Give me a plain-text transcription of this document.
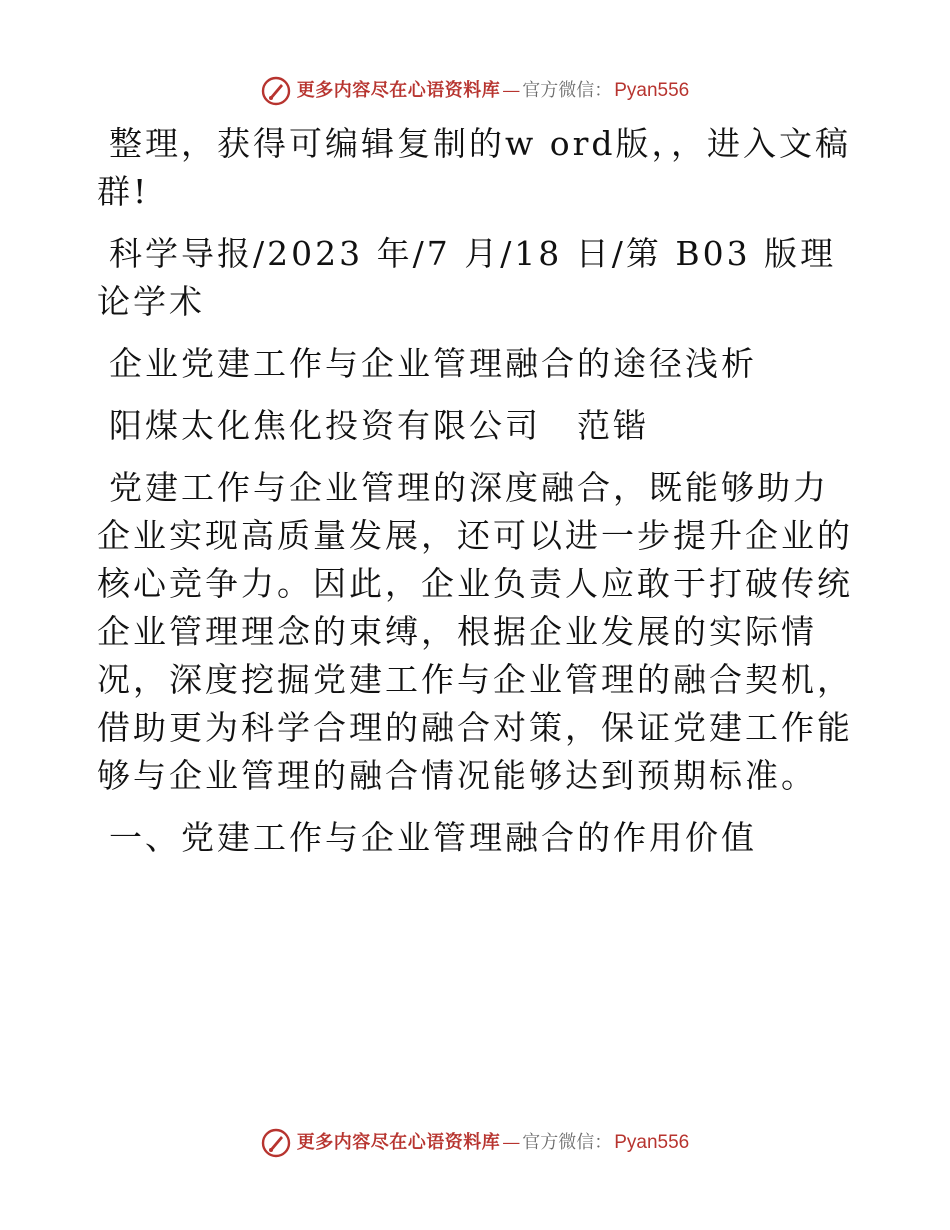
更多内容尽在心语资料库 — 官方微信： Pyan556

整理，获得可编辑复制的w ord版，，进入文稿群!

科学导报/2023 年/7 月/18 日/第 B03 版理论学术

企业党建工作与企业管理融合的途径浅析

阳煤太化焦化投资有限公司　范锴

党建工作与企业管理的深度融合，既能够助力企业实现高质量发展，还可以进一步提升企业的核心竞争力。因此，企业负责人应敢于打破传统企业管理理念的束缚，根据企业发展的实际情况，深度挖掘党建工作与企业管理的融合契机，借助更为科学合理的融合对策，保证党建工作能够与企业管理的融合情况能够达到预期标准。

一、党建工作与企业管理融合的作用价值

更多内容尽在心语资料库 — 官方微信： Pyan556
